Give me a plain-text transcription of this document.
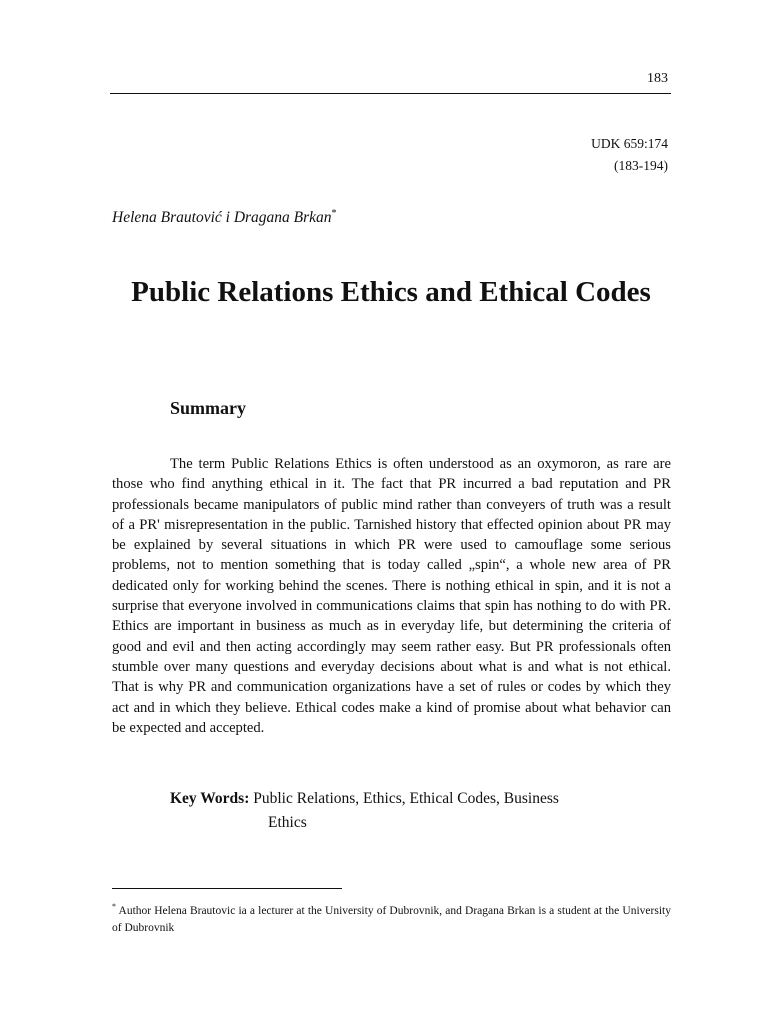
183
UDK 659:174
(183-194)
Helena Brautović i Dragana Brkan*
Public Relations Ethics and Ethical Codes
Summary

The term Public Relations Ethics is often understood as an oxymoron, as rare are those who find anything ethical in it. The fact that PR incurred a bad reputation and PR professionals became manipulators of public mind rather than conveyers of truth was a result of a PR' misrepresentation in the public. Tarnished history that effected opinion about PR may be explained by several situations in which PR were used to camouflage some serious problems, not to mention something that is today called „spin“, a whole new area of PR dedicated only for working behind the scenes. There is nothing ethical in spin, and it is not a surprise that everyone involved in communications claims that spin has nothing to do with PR. Ethics are important in business as much as in everyday life, but determining the criteria of good and evil and then acting accordingly may seem rather easy. But PR professionals often stumble over many questions and everyday decisions about what is and what is not ethical. That is why PR and communication organizations have a set of rules or codes by which they act and in which they believe. Ethical codes make a kind of promise about what behavior can be expected and accepted.

Key Words: Public Relations, Ethics, Ethical Codes, Business
Ethics

* Author Helena Brautovic ia a lecturer at the University of Dubrovnik, and Dragana Brkan is a student at the University of Dubrovnik
